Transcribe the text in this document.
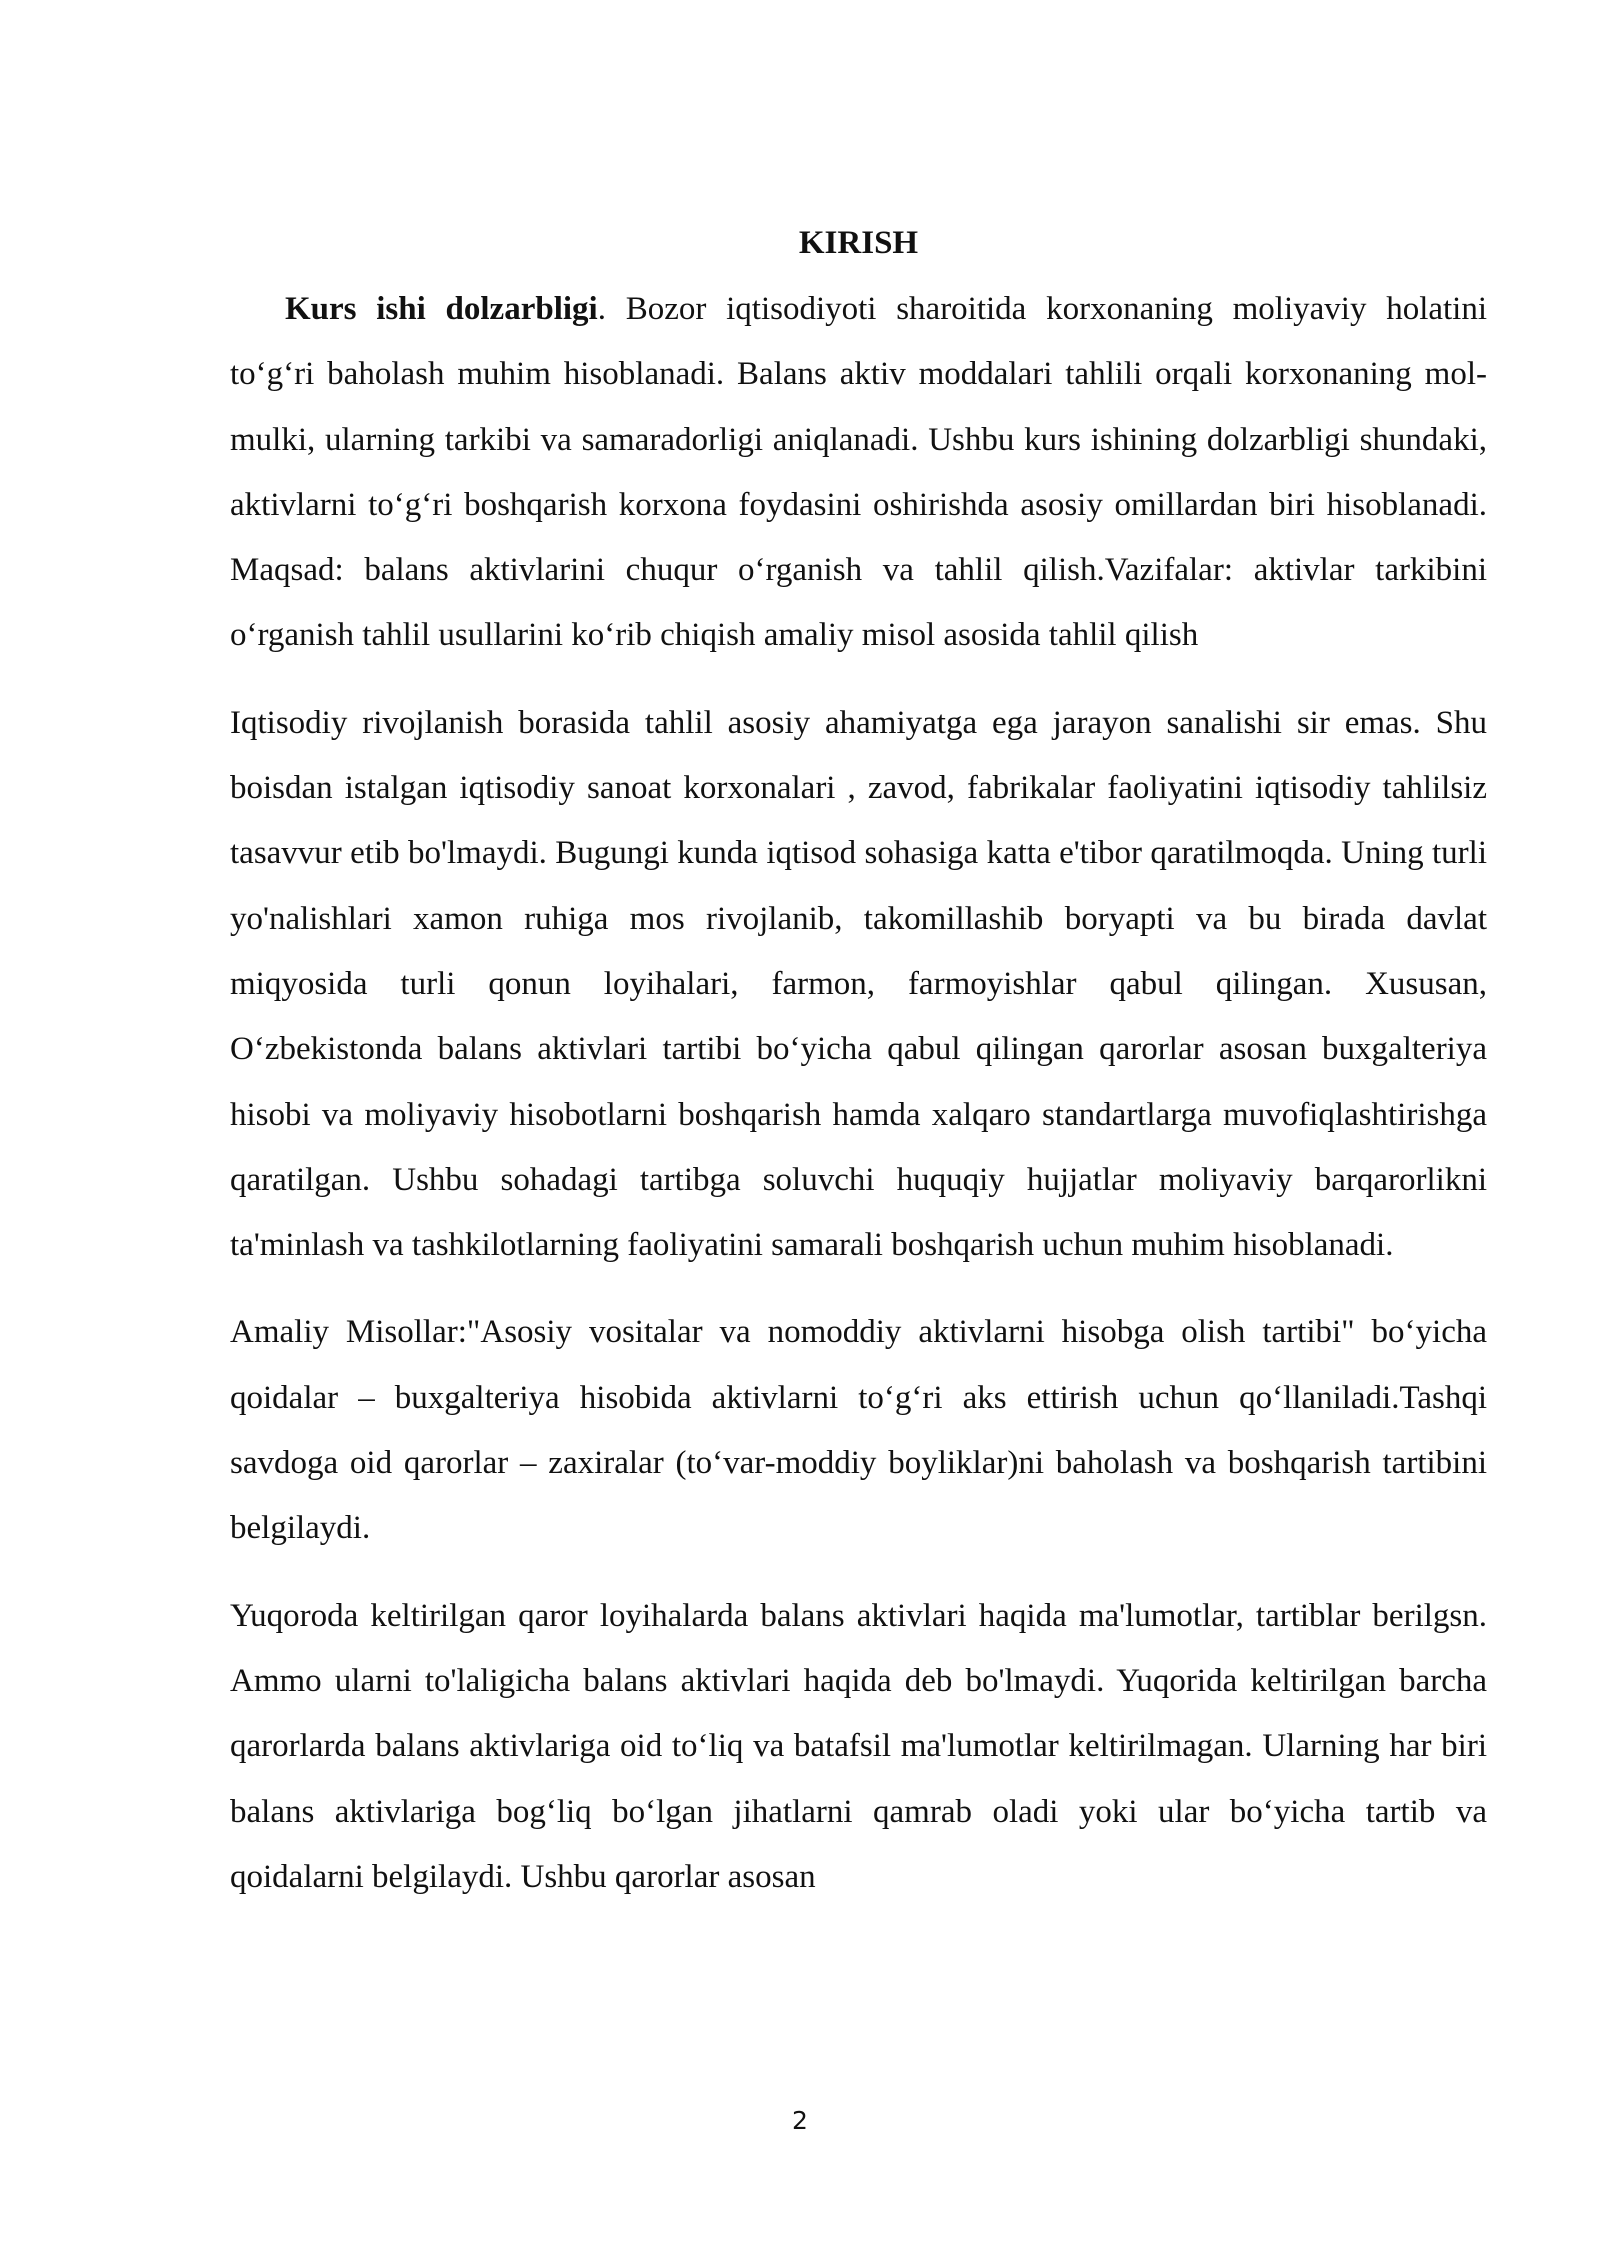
KIRISH

Kurs ishi dolzarbligi. Bozor iqtisodiyoti sharoitida korxonaning moliyaviy holatini to‘g‘ri baholash muhim hisoblanadi. Balans aktiv moddalari tahlili orqali korxonaning mol-mulki, ularning tarkibi va samaradorligi aniqlanadi. Ushbu kurs ishining dolzarbligi shundaki, aktivlarni to‘g‘ri boshqarish korxona foydasini oshirishda asosiy omillardan biri hisoblanadi. Maqsad: balans aktivlarini chuqur o‘rganish va tahlil qilish.Vazifalar: aktivlar tarkibini o‘rganish tahlil usullarini ko‘rib chiqish amaliy misol asosida tahlil qilish

Iqtisodiy rivojlanish borasida tahlil asosiy ahamiyatga ega jarayon sanalishi sir emas. Shu boisdan istalgan iqtisodiy sanoat korxonalari , zavod, fabrikalar faoliyatini iqtisodiy tahlilsiz tasavvur etib bo'lmaydi. Bugungi kunda iqtisod sohasiga katta e'tibor qaratilmoqda. Uning turli yo'nalishlari xamon ruhiga mos rivojlanib, takomillashib boryapti va bu birada davlat miqyosida turli qonun loyihalari, farmon, farmoyishlar qabul qilingan. Xususan, O‘zbekistonda balans aktivlari tartibi bo‘yicha qabul qilingan qarorlar asosan buxgalteriya hisobi va moliyaviy hisobotlarni boshqarish hamda xalqaro standartlarga muvofiqlashtirishga qaratilgan. Ushbu sohadagi tartibga soluvchi huquqiy hujjatlar moliyaviy barqarorlikni ta'minlash va tashkilotlarning faoliyatini samarali boshqarish uchun muhim hisoblanadi.

Amaliy Misollar:"Asosiy vositalar va nomoddiy aktivlarni hisobga olish tartibi" bo‘yicha qoidalar – buxgalteriya hisobida aktivlarni to‘g‘ri aks ettirish uchun qo‘llaniladi.Tashqi savdoga oid qarorlar – zaxiralar (to‘var-moddiy boyliklar)ni baholash va boshqarish tartibini belgilaydi.

Yuqoroda keltirilgan qaror loyihalarda balans aktivlari haqida ma'lumotlar, tartiblar berilgsn. Ammo ularni to'laligicha balans aktivlari haqida deb bo'lmaydi. Yuqorida keltirilgan barcha qarorlarda balans aktivlariga oid to‘liq va batafsil ma'lumotlar keltirilmagan. Ularning har biri balans aktivlariga bog‘liq bo‘lgan jihatlarni qamrab oladi yoki ular bo‘yicha tartib va qoidalarni belgilaydi. Ushbu qarorlar asosan

2
